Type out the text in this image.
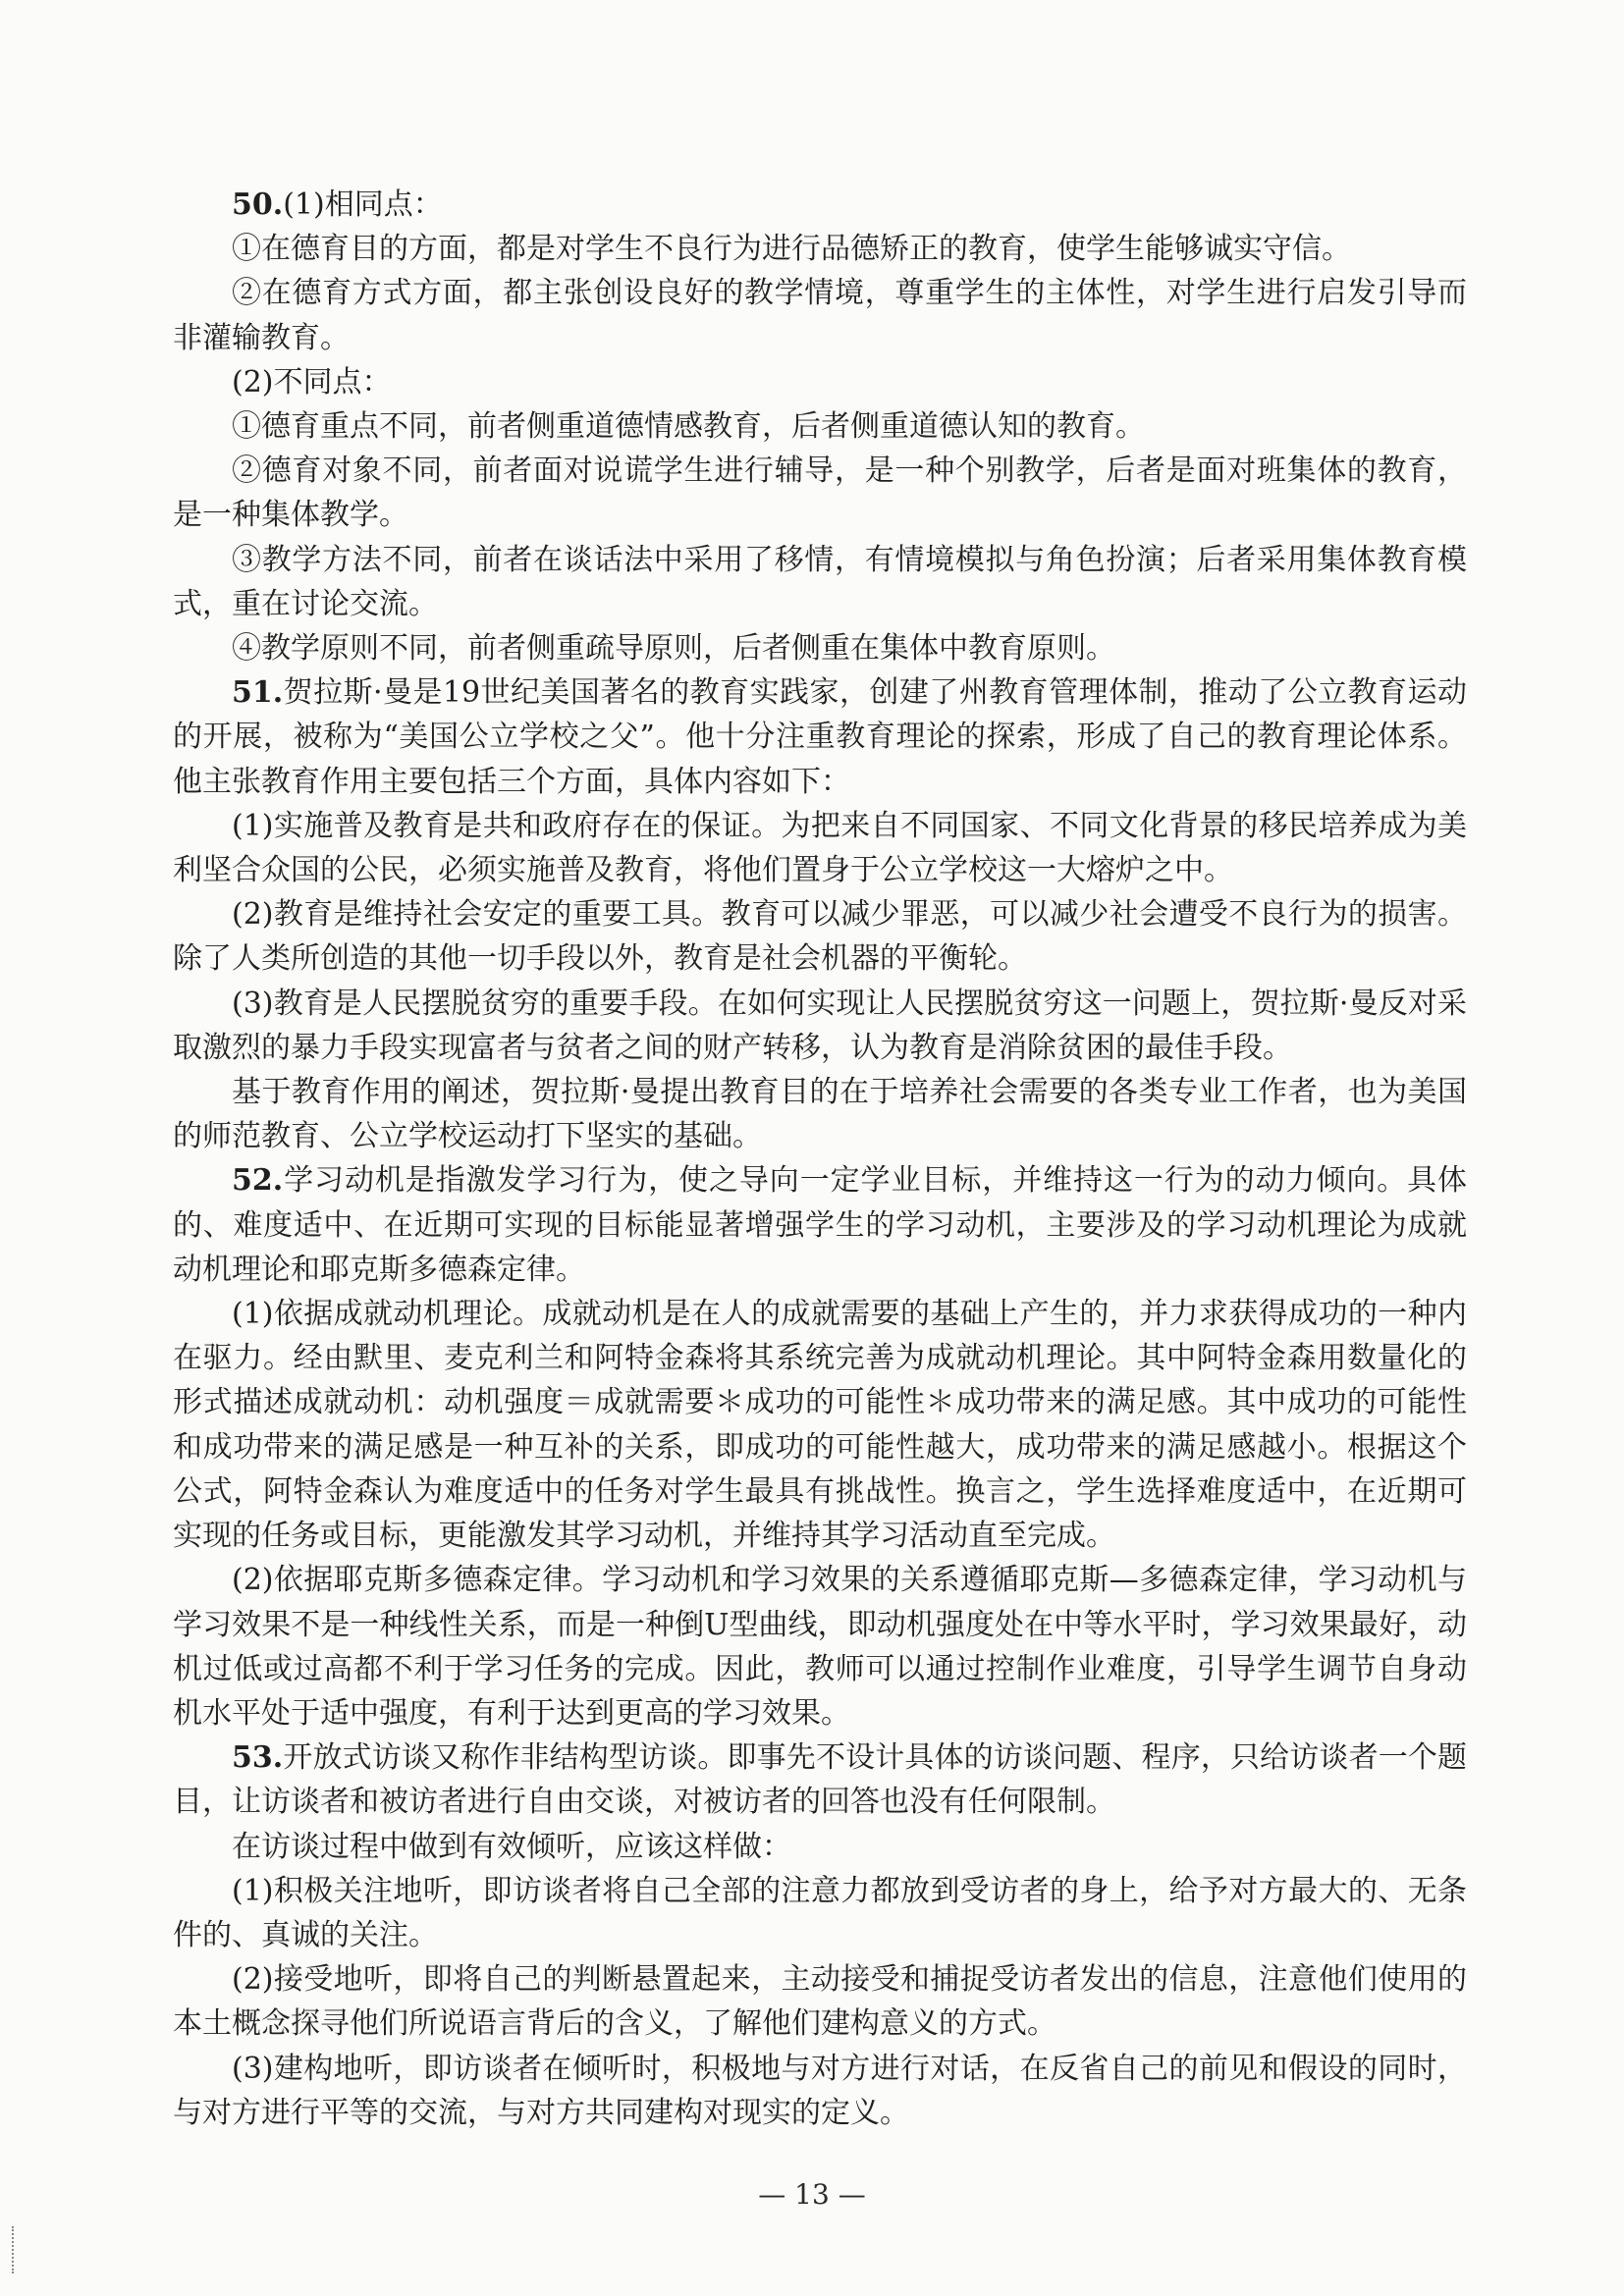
50.(1)相同点：

①在德育目的方面，都是对学生不良行为进行品德矫正的教育，使学生能够诚实守信。

②在德育方式方面，都主张创设良好的教学情境，尊重学生的主体性，对学生进行启发引导而非灌输教育。

(2)不同点：

①德育重点不同，前者侧重道德情感教育，后者侧重道德认知的教育。

②德育对象不同，前者面对说谎学生进行辅导，是一种个别教学，后者是面对班集体的教育，是一种集体教学。

③教学方法不同，前者在谈话法中采用了移情，有情境模拟与角色扮演；后者采用集体教育模式，重在讨论交流。

④教学原则不同，前者侧重疏导原则，后者侧重在集体中教育原则。

51.贺拉斯·曼是19世纪美国著名的教育实践家，创建了州教育管理体制，推动了公立教育运动的开展，被称为“美国公立学校之父”。他十分注重教育理论的探索，形成了自己的教育理论体系。他主张教育作用主要包括三个方面，具体内容如下：

(1)实施普及教育是共和政府存在的保证。为把来自不同国家、不同文化背景的移民培养成为美利坚合众国的公民，必须实施普及教育，将他们置身于公立学校这一大熔炉之中。

(2)教育是维持社会安定的重要工具。教育可以减少罪恶，可以减少社会遭受不良行为的损害。除了人类所创造的其他一切手段以外，教育是社会机器的平衡轮。

(3)教育是人民摆脱贫穷的重要手段。在如何实现让人民摆脱贫穷这一问题上，贺拉斯·曼反对采取激烈的暴力手段实现富者与贫者之间的财产转移，认为教育是消除贫困的最佳手段。

基于教育作用的阐述，贺拉斯·曼提出教育目的在于培养社会需要的各类专业工作者，也为美国的师范教育、公立学校运动打下坚实的基础。

52.学习动机是指激发学习行为，使之导向一定学业目标，并维持这一行为的动力倾向。具体的、难度适中、在近期可实现的目标能显著增强学生的学习动机，主要涉及的学习动机理论为成就动机理论和耶克斯多德森定律。

(1)依据成就动机理论。成就动机是在人的成就需要的基础上产生的，并力求获得成功的一种内在驱力。经由默里、麦克利兰和阿特金森将其系统完善为成就动机理论。其中阿特金森用数量化的形式描述成就动机：动机强度＝成就需要＊成功的可能性＊成功带来的满足感。其中成功的可能性和成功带来的满足感是一种互补的关系，即成功的可能性越大，成功带来的满足感越小。根据这个公式，阿特金森认为难度适中的任务对学生最具有挑战性。换言之，学生选择难度适中，在近期可实现的任务或目标，更能激发其学习动机，并维持其学习活动直至完成。

(2)依据耶克斯多德森定律。学习动机和学习效果的关系遵循耶克斯—多德森定律，学习动机与学习效果不是一种线性关系，而是一种倒U型曲线，即动机强度处在中等水平时，学习效果最好，动机过低或过高都不利于学习任务的完成。因此，教师可以通过控制作业难度，引导学生调节自身动机水平处于适中强度，有利于达到更高的学习效果。

53.开放式访谈又称作非结构型访谈。即事先不设计具体的访谈问题、程序，只给访谈者一个题目，让访谈者和被访者进行自由交谈，对被访者的回答也没有任何限制。

在访谈过程中做到有效倾听，应该这样做：

(1)积极关注地听，即访谈者将自己全部的注意力都放到受访者的身上，给予对方最大的、无条件的、真诚的关注。

(2)接受地听，即将自己的判断悬置起来，主动接受和捕捉受访者发出的信息，注意他们使用的本土概念探寻他们所说语言背后的含义，了解他们建构意义的方式。

(3)建构地听，即访谈者在倾听时，积极地与对方进行对话，在反省自己的前见和假设的同时，与对方进行平等的交流，与对方共同建构对现实的定义。

— 13 —
